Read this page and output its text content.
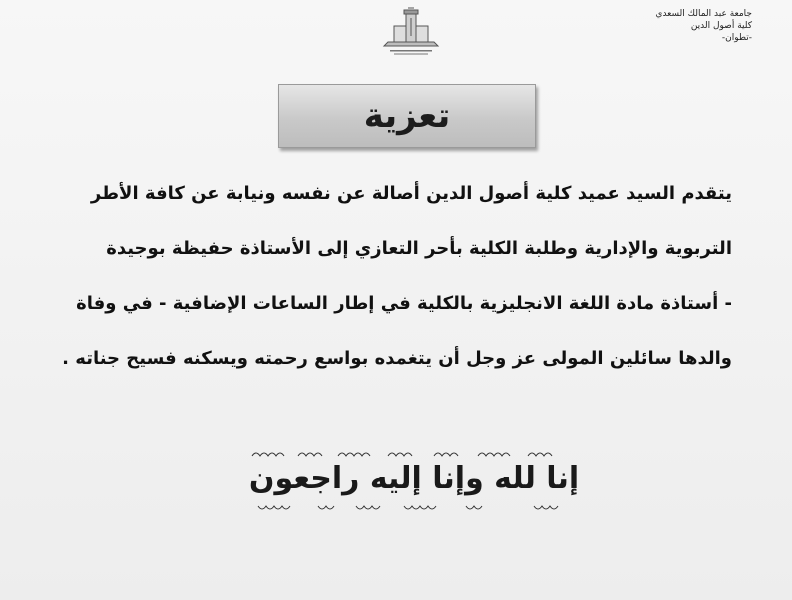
جامعة عبد المالك السعدي
كلية أصول الدين
-تطوان-
تعزية
يتقدم السيد عميد كلية أصول الدين أصالة عن نفسه ونيابة عن كافة الأطر
التربوية والإدارية وطلبة الكلية بأحر التعازي إلى الأستاذة حفيظة بوجيدة
- أستاذة مادة اللغة الانجليزية بالكلية في إطار الساعات الإضافية - في وفاة
والدها سائلين المولى عز وجل أن يتغمده بواسع رحمته ويسكنه فسيح جناته .
إنا لله وإنا إليه راجعون
